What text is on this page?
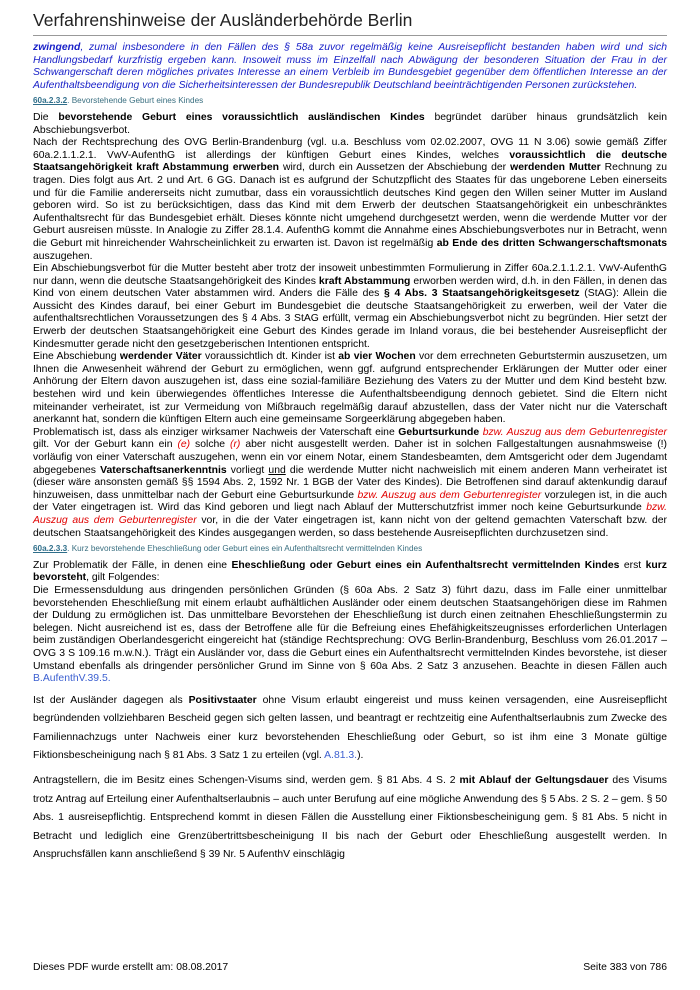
Verfahrenshinweise der Ausländerbehörde Berlin

zwingend, zumal insbesondere in den Fällen des § 58a zuvor regelmäßig keine Ausreisepflicht bestanden haben wird und sich Handlungsbedarf kurzfristig ergeben kann. Insoweit muss im Einzelfall nach Abwägung der besonderen Situation der Frau in der Schwangerschaft deren mögliches privates Interesse an einem Verbleib im Bundesgebiet gegenüber dem öffentlichen Interesse an der Aufenthaltsbeendigung von die Sicherheitsinteressen der Bundesrepublik Deutschland beeinträchtigenden Personen zurückstehen.

60a.2.3.2. Bevorstehende Geburt eines Kindes

Die bevorstehende Geburt eines voraussichtlich ausländischen Kindes begründet darüber hinaus grundsätzlich kein Abschiebungsverbot.

Nach der Rechtsprechung des OVG Berlin-Brandenburg (vgl. u.a. Beschluss vom 02.02.2007, OVG 11 N 3.06) sowie gemäß Ziffer 60a.2.1.1.2.1. VwV-AufenthG ist allerdings der künftigen Geburt eines Kindes, welches voraussichtlich die deutsche Staatsangehörigkeit kraft Abstammung erwerben wird, durch ein Aussetzen der Abschiebung der werdenden Mutter Rechnung zu tragen. Dies folgt aus Art. 2 und Art. 6 GG. Danach ist es aufgrund der Schutzpflicht des Staates für das ungeborene Leben einerseits und für die Familie andererseits nicht zumutbar, dass ein voraussichtlich deutsches Kind gegen den Willen seiner Mutter im Ausland geboren wird. So ist zu berücksichtigen, dass das Kind mit dem Erwerb der deutschen Staatsangehörigkeit ein unbeschränktes Aufenthaltsrecht für das Bundesgebiet erhält. Dieses könnte nicht umgehend durchgesetzt werden, wenn die werdende Mutter vor der Geburt ausreisen müsste. In Analogie zu Ziffer 28.1.4. AufenthG kommt die Annahme eines Abschiebungsverbotes nur in Betracht, wenn die Geburt mit hinreichender Wahrscheinlichkeit zu erwarten ist. Davon ist regelmäßig ab Ende des dritten Schwangerschaftsmonats auszugehen.

Ein Abschiebungsverbot für die Mutter besteht aber trotz der insoweit unbestimmten Formulierung in Ziffer 60a.2.1.1.2.1. VwV-AufenthG nur dann, wenn die deutsche Staatsangehörigkeit des Kindes kraft Abstammung erworben werden wird, d.h. in den Fällen, in denen das Kind von einem deutschen Vater abstammen wird. Anders die Fälle des § 4 Abs. 3 Staatsangehörigkeitsgesetz (StAG): Allein die Aussicht des Kindes darauf, bei einer Geburt im Bundesgebiet die deutsche Staatsangehörigkeit zu erwerben, weil der Vater die aufenthaltsrechtlichen Voraussetzungen des § 4 Abs. 3 StAG erfüllt, vermag ein Abschiebungsverbot nicht zu begründen. Hier setzt der Erwerb der deutschen Staatsangehörigkeit eine Geburt des Kindes gerade im Inland voraus, die bei bestehender Ausreisepflicht der Kindesmutter gerade nicht den gesetzgeberischen Intentionen entspricht.

Eine Abschiebung werdender Väter voraussichtlich dt. Kinder ist ab vier Wochen vor dem errechneten Geburtstermin auszusetzen, um Ihnen die Anwesenheit während der Geburt zu ermöglichen, wenn ggf. aufgrund entsprechender Erklärungen der Mutter oder einer Anhörung der Eltern davon auszugehen ist, dass eine sozial-familiäre Beziehung des Vaters zu der Mutter und dem Kind besteht bzw. bestehen wird und kein überwiegendes öffentliches Interesse die Aufenthaltsbeendigung dennoch gebietet. Sind die Eltern nicht miteinander verheiratet, ist zur Vermeidung von Mißbrauch regelmäßig darauf abzustellen, dass der Vater nicht nur die Vaterschaft anerkannt hat, sondern die künftigen Eltern auch eine gemeinsame Sorgeerklärung abgegeben haben.

Problematisch ist, dass als einziger wirksamer Nachweis der Vaterschaft eine Geburtsurkunde bzw. Auszug aus dem Geburtenregister gilt. Vor der Geburt kann ein (e) solche (r) aber nicht ausgestellt werden. Daher ist in solchen Fallgestaltungen ausnahmsweise (!) vorläufig von einer Vaterschaft auszugehen, wenn ein vor einem Notar, einem Standesbeamten, dem Amtsgericht oder dem Jugendamt abgegebenes Vaterschaftsanerkenntnis vorliegt und die werdende Mutter nicht nachweislich mit einem anderen Mann verheiratet ist (dieser wäre ansonsten gemäß §§ 1594 Abs. 2, 1592 Nr. 1 BGB der Vater des Kindes). Die Betroffenen sind darauf aktenkundig darauf hinzuweisen, dass unmittelbar nach der Geburt eine Geburtsurkunde bzw. Auszug aus dem Geburtenregister vorzulegen ist, in die auch der Vater eingetragen ist. Wird das Kind geboren und liegt nach Ablauf der Mutterschutzfrist immer noch keine Geburtsurkunde bzw. Auszug aus dem Geburtenregister vor, in die der Vater eingetragen ist, kann nicht von der geltend gemachten Vaterschaft bzw. der deutschen Staatsangehörigkeit des Kindes ausgegangen werden, so dass bestehende Ausreisepflichten durchzusetzen sind.

60a.2.3.3. Kurz bevorstehende Eheschließung oder Geburt eines ein Aufenthaltsrecht vermittelnden Kindes

Zur Problematik der Fälle, in denen eine Eheschließung oder Geburt eines ein Aufenthaltsrecht vermittelnden Kindes erst kurz bevorsteht, gilt Folgendes:

Die Ermessensduldung aus dringenden persönlichen Gründen (§ 60a Abs. 2 Satz 3) führt dazu, dass im Falle einer unmittelbar bevorstehenden Eheschließung mit einem erlaubt aufhältlichen Ausländer oder einem deutschen Staatsangehörigen diese im Rahmen der Duldung zu ermöglichen ist. Das unmittelbare Bevorstehen der Eheschließung ist durch einen zeitnahen Eheschließungstermin zu belegen. Nicht ausreichend ist es, dass der Betroffene alle für die Befreiung eines Ehefähigkeitszeugnisses erforderlichen Unterlagen beim zuständigen Oberlandesgericht eingereicht hat (ständige Rechtsprechung: OVG Berlin-Brandenburg, Beschluss vom 26.01.2017 – OVG 3 S 109.16 m.w.N.). Trägt ein Ausländer vor, dass die Geburt eines ein Aufenthaltsrecht vermittelnden Kindes bevorstehe, ist dieser Umstand ebenfalls als dringender persönlicher Grund im Sinne von § 60a Abs. 2 Satz 3 anzusehen. Beachte in diesen Fällen auch B.AufenthV.39.5.

Ist der Ausländer dagegen als Positivstaater ohne Visum erlaubt eingereist und muss keinen versagenden, eine Ausreisepflicht begründenden vollziehbaren Bescheid gegen sich gelten lassen, und beantragt er rechtzeitig eine Aufenthaltserlaubnis zum Zwecke des Familiennachzugs unter Nachweis einer kurz bevorstehenden Eheschließung oder Geburt, so ist ihm eine 3 Monate gültige Fiktionsbescheinigung nach § 81 Abs. 3 Satz 1 zu erteilen (vgl. A.81.3.).

Antragstellern, die im Besitz eines Schengen-Visums sind, werden gem. § 81 Abs. 4 S. 2 mit Ablauf der Geltungsdauer des Visums trotz Antrag auf Erteilung einer Aufenthaltserlaubnis – auch unter Berufung auf eine mögliche Anwendung des § 5 Abs. 2 S. 2 – gem. § 50 Abs. 1 ausreisepflichtig. Entsprechend kommt in diesen Fällen die Ausstellung einer Fiktionsbescheinigung gem. § 81 Abs. 5 nicht in Betracht und lediglich eine Grenzübertrittsbescheinigung II bis nach der Geburt oder Eheschließung ausgestellt werden. In Anspruchsfällen kann anschließend § 39 Nr. 5 AufenthV einschlägig

Dieses PDF wurde erstellt am: 08.08.2017	Seite 383 von 786
